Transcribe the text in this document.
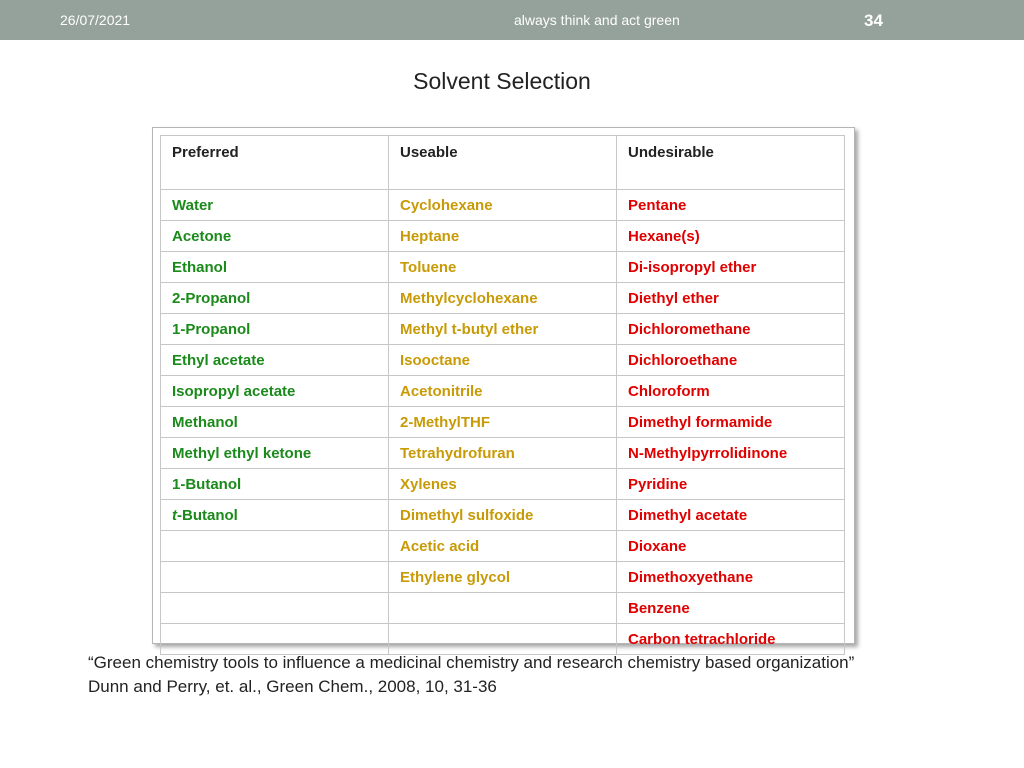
26/07/2021	always think and act green	34
Solvent Selection
Preferred	Useable	Undesirable
Water	Cyclohexane	Pentane
Acetone	Heptane	Hexane(s)
Ethanol	Toluene	Di-isopropyl ether
2-Propanol	Methylcyclohexane	Diethyl ether
1-Propanol	Methyl t-butyl ether	Dichloromethane
Ethyl acetate	Isooctane	Dichloroethane
Isopropyl acetate	Acetonitrile	Chloroform
Methanol	2-MethylTHF	Dimethyl formamide
Methyl ethyl ketone	Tetrahydrofuran	N-Methylpyrrolidinone
1-Butanol	Xylenes	Pyridine
t-Butanol	Dimethyl sulfoxide	Dimethyl acetate
	Acetic acid	Dioxane
	Ethylene glycol	Dimethoxyethane
		Benzene
		Carbon tetrachloride
“Green chemistry tools to influence a medicinal chemistry and research chemistry based organization”
Dunn and Perry, et. al., Green Chem., 2008, 10, 31-36
